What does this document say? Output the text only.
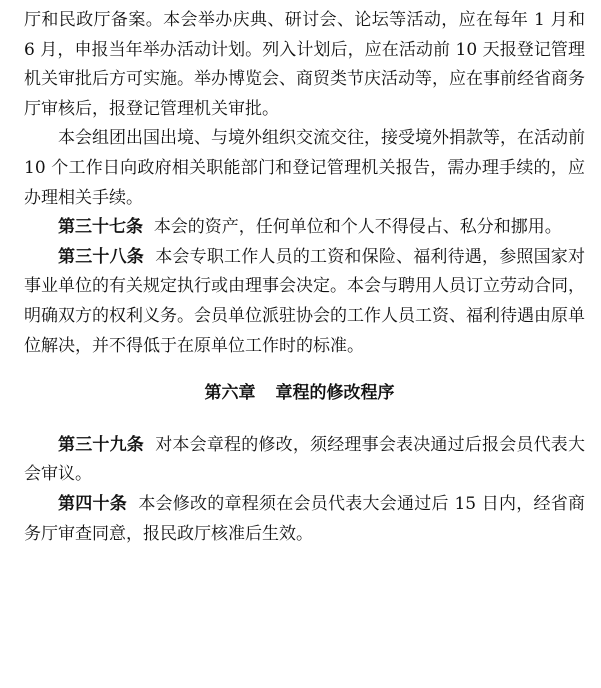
厅和民政厅备案。本会举办庆典、研讨会、论坛等活动，应在每年 1 月和 6 月，申报当年举办活动计划。列入计划后，应在活动前 10 天报登记管理机关审批后方可实施。举办博览会、商贸类节庆活动等，应在事前经省商务厅审核后，报登记管理机关审批。

本会组团出国出境、与境外组织交流交往，接受境外捐款等，在活动前 10 个工作日向政府相关职能部门和登记管理机关报告，需办理手续的，应办理相关手续。

第三十七条 本会的资产，任何单位和个人不得侵占、私分和挪用。

第三十八条 本会专职工作人员的工资和保险、福利待遇，参照国家对事业单位的有关规定执行或由理事会决定。本会与聘用人员订立劳动合同，明确双方的权利义务。会员单位派驻协会的工作人员工资、福利待遇由原单位解决，并不得低于在原单位工作时的标准。

第六章 章程的修改程序

第三十九条 对本会章程的修改，须经理事会表决通过后报会员代表大会审议。

第四十条 本会修改的章程须在会员代表大会通过后 15 日内，经省商务厅审查同意，报民政厅核准后生效。
